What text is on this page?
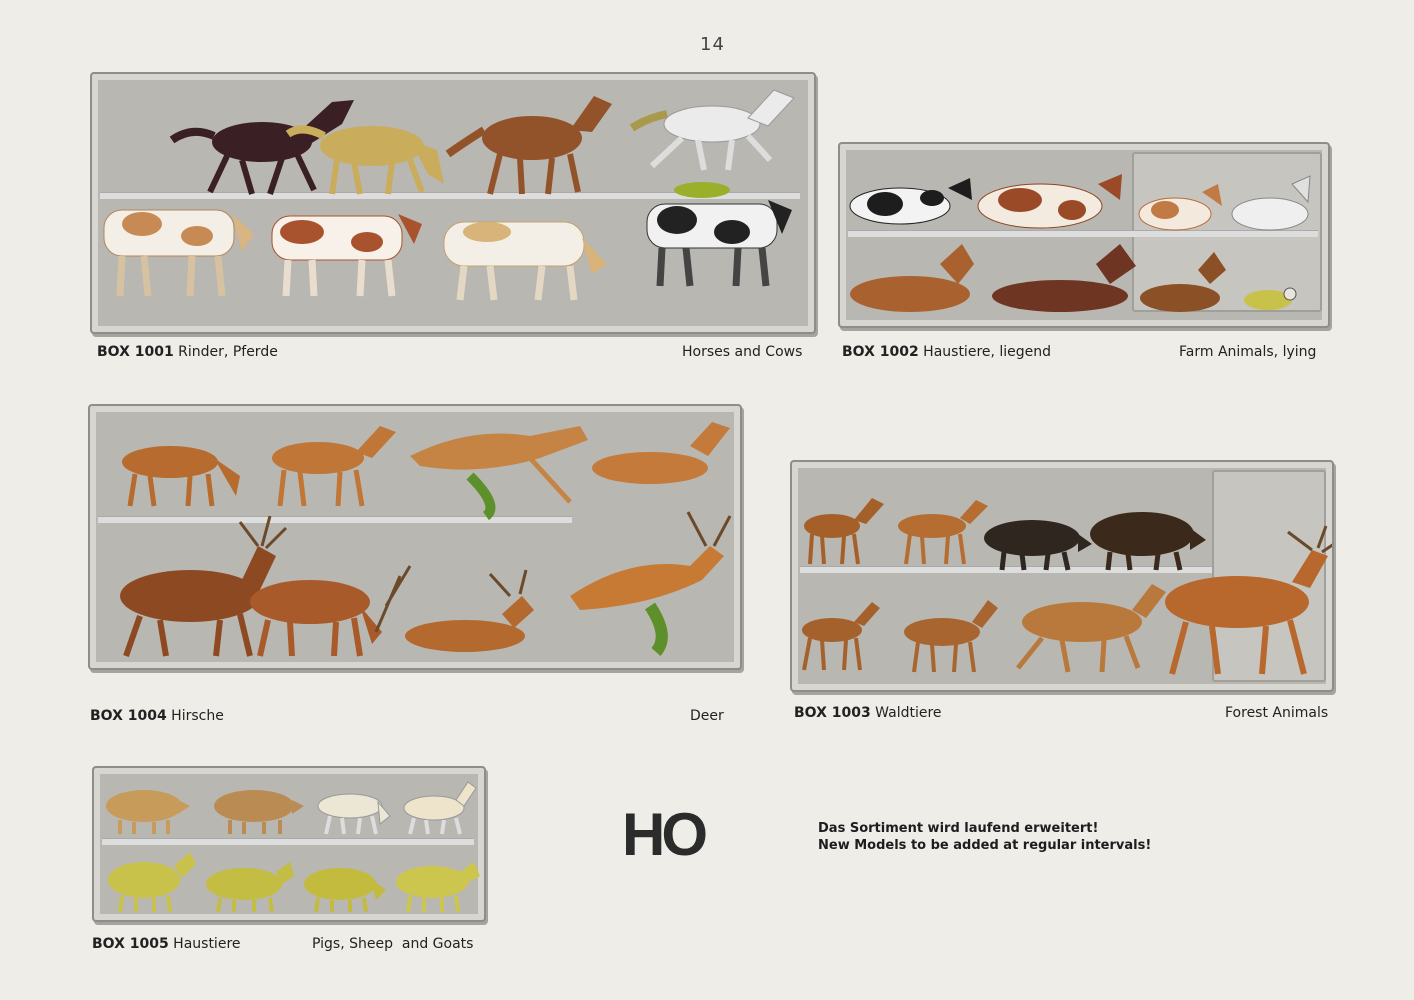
14
BOX 1001 Rinder, Pferde	Horses and Cows	BOX 1002 Haustiere, liegend	Farm Animals, lying
BOX 1004 Hirsche	Deer	BOX 1003 Waldtiere	Forest Animals
BOX 1005 Haustiere	Pigs, Sheep  and Goats
HO	Das Sortiment wird laufend erweitert!
New Models to be added at regular intervals!
